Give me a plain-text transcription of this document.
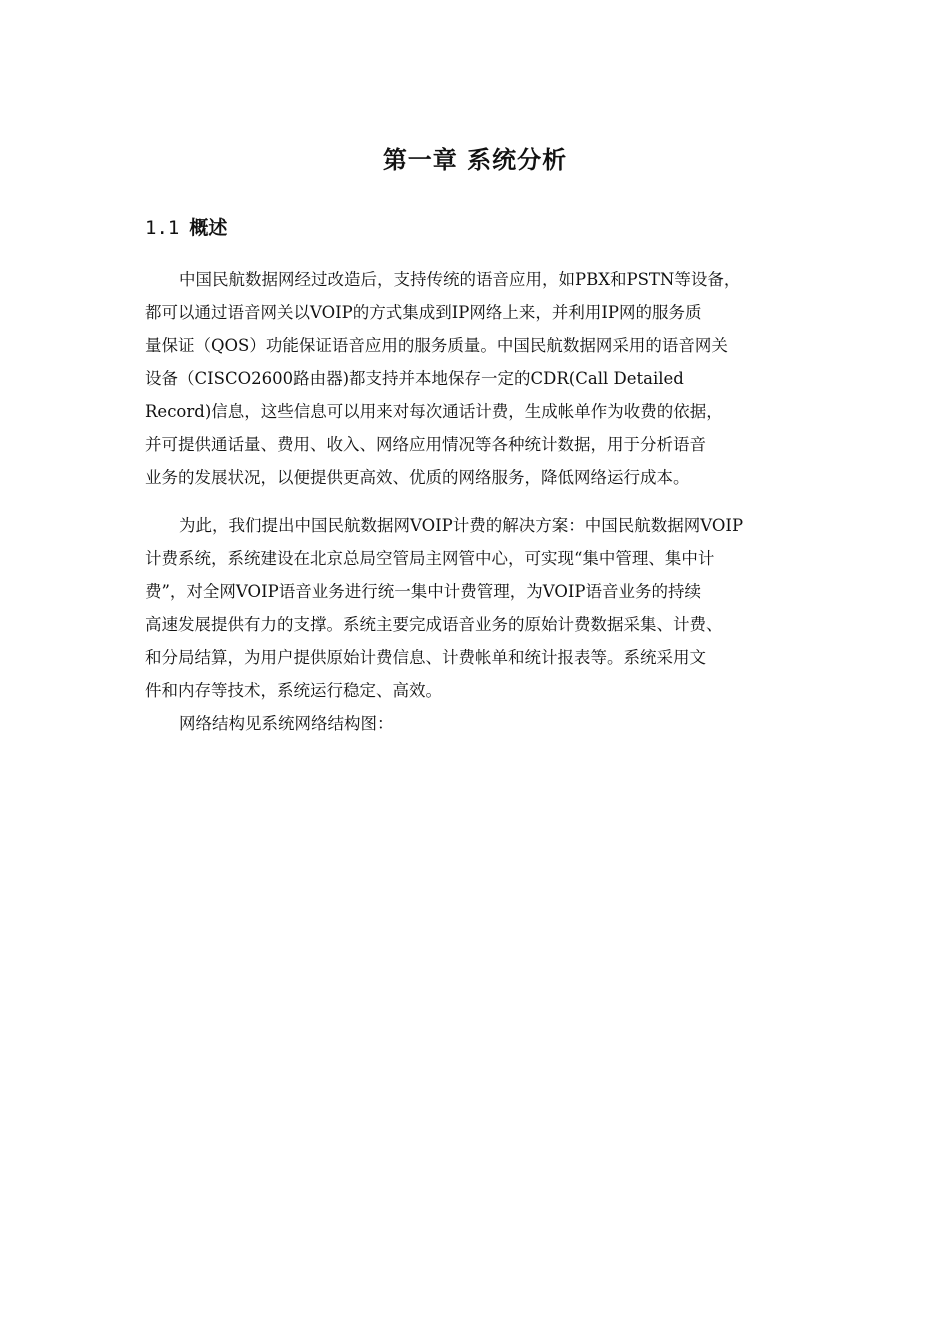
第一章 系统分析
1.1 概述
中国民航数据网经过改造后，支持传统的语音应用，如PBX和PSTN等设备，
都可以通过语音网关以VOIP的方式集成到IP网络上来，并利用IP网的服务质
量保证（QOS）功能保证语音应用的服务质量。中国民航数据网采用的语音网关
设备（CISCO2600路由器)都支持并本地保存一定的CDR(Call Detailed
Record)信息，这些信息可以用来对每次通话计费，生成帐单作为收费的依据，
并可提供通话量、费用、收入、网络应用情况等各种统计数据，用于分析语音
业务的发展状况，以便提供更高效、优质的网络服务，降低网络运行成本。
为此，我们提出中国民航数据网VOIP计费的解决方案：中国民航数据网VOIP
计费系统，系统建设在北京总局空管局主网管中心，可实现“集中管理、集中计
费”，对全网VOIP语音业务进行统一集中计费管理，为VOIP语音业务的持续
高速发展提供有力的支撑。系统主要完成语音业务的原始计费数据采集、计费、
和分局结算，为用户提供原始计费信息、计费帐单和统计报表等。系统采用文
件和内存等技术，系统运行稳定、高效。
网络结构见系统网络结构图：
